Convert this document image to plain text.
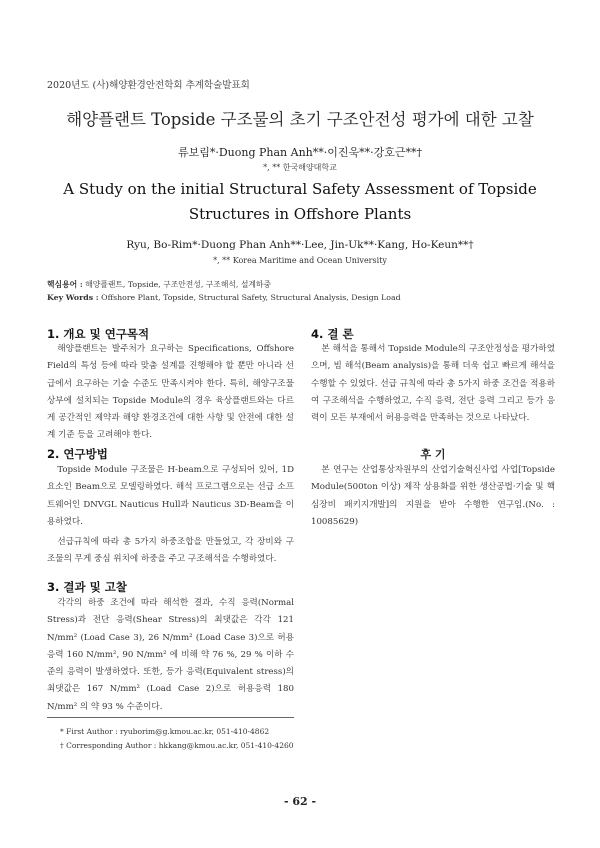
2020년도 (사)해양환경안전학회 추계학술발표회
해양플랜트 Topside 구조물의 초기 구조안전성 평가에 대한 고찰
류보림*·Duong Phan Anh**·이진욱**·강호근**†
*, ** 한국해양대학교
A Study on the initial Structural Safety Assessment of Topside Structures in Offshore Plants
Ryu, Bo-Rim*·Duong Phan Anh**·Lee, Jin-Uk**·Kang, Ho-Keun**†
*, ** Korea Maritime and Ocean University
핵심용어 : 해양플랜트, Topside, 구조안전성, 구조해석, 설계하중
Key Words : Offshore Plant, Topside, Structural Safety, Structural Analysis, Design Load
1. 개요 및 연구목적
해양플랜트는 발주처가 요구하는 Specifications, Offshore Field의 특성 등에 따라 맞춤 설계를 진행해야 할 뿐만 아니라 선급에서 요구하는 기술 수준도 만족시켜야 한다. 특히, 해양구조물 상부에 설치되는 Topside Module의 경우 육상플랜트와는 다르게 공간적인 제약과 해양 환경조건에 대한 사항 및 안전에 대한 설계 기준 등을 고려해야 한다.
2. 연구방법
Topside Module 구조물은 H-beam으로 구성되어 있어, 1D 요소인 Beam으로 모델링하였다. 해석 프로그램으로는 선급 소프트웨어인 DNVGL Nauticus Hull과 Nauticus 3D-Beam을 이용하였다.
선급규칙에 따라 총 5가지 하중조합을 만들었고, 각 장비와 구조물의 무게 중심 위치에 하중을 주고 구조해석을 수행하였다.
3. 결과 및 고찰
각각의 하중 조건에 따라 해석한 결과, 수직 응력(Normal Stress)과 전단 응력(Shear Stress)의 최댓값은 각각 121 N/mm² (Load Case 3), 26 N/mm² (Load Case 3)으로 허용응력 160 N/mm², 90 N/mm² 에 비해 약 76 %, 29 % 이하 수준의 응력이 발생하였다. 또한, 등가 응력(Equivalent stress)의 최댓값은 167 N/mm² (Load Case 2)으로 허용응력 180 N/mm² 의 약 93 % 수준이다.
4. 결 론
본 해석을 통해서 Topside Module의 구조안정성을 평가하였으며, 빔 해석(Beam analysis)을 통해 더욱 쉽고 빠르게 해석을 수행할 수 있었다. 선급 규칙에 따라 총 5가지 하중 조건을 적용하여 구조해석을 수행하였고, 수직 응력, 전단 응력 그리고 등가 응력이 모든 부재에서 허용응력을 만족하는 것으로 나타났다.
후 기
본 연구는 산업통상자원부의 산업기술혁신사업 사업[Topside Module(500ton 이상) 제작 상용화를 위한 생산공법·기술 및 핵심장비 패키지개발]의 지원을 받아 수행한 연구임.(No. : 10085629)
* First Author : ryuborim@g.kmou.ac.kr, 051-410-4862
† Corresponding Author : hkkang@kmou.ac.kr, 051-410-4260
- 62 -
